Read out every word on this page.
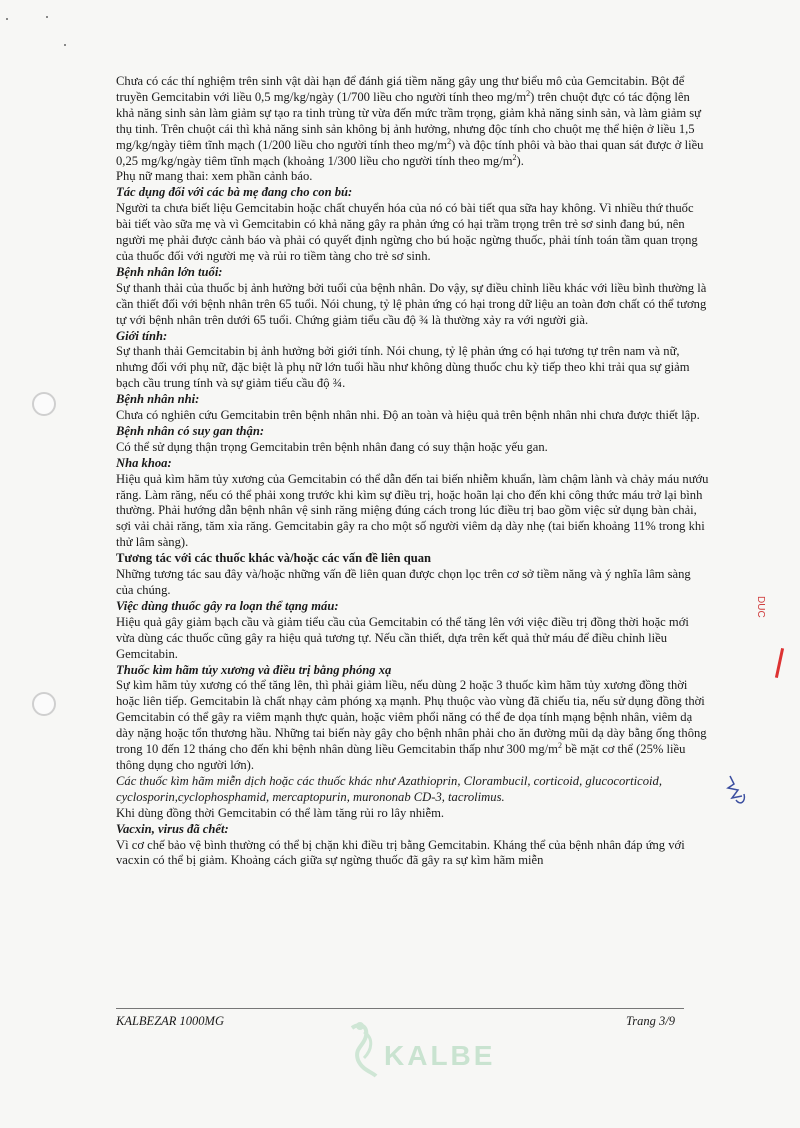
Chưa có các thí nghiệm trên sinh vật dài hạn để đánh giá tiềm năng gây ung thư biểu mô của Gemcitabin. Bột để truyền Gemcitabin với liều 0,5 mg/kg/ngày (1/700 liều cho người tính theo $mg/m^2$) trên chuột đực có tác động lên khả năng sinh sản làm giảm sự tạo ra tinh trùng từ vừa đến mức trầm trọng, giảm khả năng sinh sản, và làm giảm sự thụ tinh. Trên chuột cái thì khả năng sinh sản không bị ảnh hưởng, nhưng độc tính cho chuột mẹ thể hiện ở liều 1,5 mg/kg/ngày tiêm tĩnh mạch (1/200 liều cho người tính theo $mg/m^2$) và độc tính phôi và bào thai quan sát được ở liều 0,25 mg/kg/ngày tiêm tĩnh mạch (khoảng 1/300 liều cho người tính theo $mg/m^2$).

Phụ nữ mang thai: xem phần cảnh báo.

Tác dụng đối với các bà mẹ đang cho con bú:

Người ta chưa biết liệu Gemcitabin hoặc chất chuyển hóa của nó có bài tiết qua sữa hay không. Vì nhiều thứ thuốc bài tiết vào sữa mẹ và vì Gemcitabin có khả năng gây ra phản ứng có hại trầm trọng trên trẻ sơ sinh đang bú, nên người mẹ phải được cảnh báo và phải có quyết định ngừng cho bú hoặc ngừng thuốc, phải tính toán tầm quan trọng của thuốc đối với người mẹ và rủi ro tiềm tàng cho trẻ sơ sinh.

Bệnh nhân lớn tuổi:

Sự thanh thải của thuốc bị ảnh hưởng bởi tuổi của bệnh nhân. Do vậy, sự điều chỉnh liều khác với liều bình thường là cần thiết đối với bệnh nhân trên 65 tuổi. Nói chung, tỷ lệ phản ứng có hại trong dữ liệu an toàn đơn chất có thể tương tự với bệnh nhân trên dưới 65 tuổi. Chứng giảm tiểu cầu độ ¾ là thường xảy ra với người già.

Giới tính:

Sự thanh thải Gemcitabin bị ảnh hưởng bởi giới tính. Nói chung, tỷ lệ phản ứng có hại tương tự trên nam và nữ, nhưng đối với phụ nữ, đặc biệt là phụ nữ lớn tuổi hầu như không dùng thuốc chu kỳ tiếp theo khi trải qua sự giảm bạch cầu trung tính và sự giảm tiểu cầu độ ¾.

Bệnh nhân nhi:

Chưa có nghiên cứu Gemcitabin trên bệnh nhân nhi. Độ an toàn và hiệu quả trên bệnh nhân nhi chưa được thiết lập.

Bệnh nhân có suy gan thận:

Có thể sử dụng thận trọng Gemcitabin trên bệnh nhân đang có suy thận hoặc yếu gan.

Nha khoa:

Hiệu quả kìm hãm tủy xương của Gemcitabin có thể dẫn đến tai biến nhiễm khuẩn, làm chậm lành và chảy máu nướu răng. Làm răng, nếu có thể phải xong trước khi kìm sự điều trị, hoặc hoãn lại cho đến khi công thức máu trở lại bình thường. Phải hướng dẫn bệnh nhân vệ sinh răng miệng đúng cách trong lúc điều trị bao gồm việc sử dụng bàn chải, sợi vải chải răng, tăm xỉa răng. Gemcitabin gây ra cho một số người viêm dạ dày nhẹ (tai biến khoảng 11% trong khi thử lâm sàng).

Tương tác với các thuốc khác và/hoặc các vấn đề liên quan

Những tương tác sau đây và/hoặc những vấn đề liên quan được chọn lọc trên cơ sở tiềm năng và ý nghĩa lâm sàng của chúng.

Việc dùng thuốc gây ra loạn thể tạng máu:

Hiệu quả gây giảm bạch cầu và giảm tiểu cầu của Gemcitabin có thể tăng lên với việc điều trị đồng thời hoặc mới vừa dùng các thuốc cũng gây ra hiệu quả tương tự. Nếu cần thiết, dựa trên kết quả thử máu để điều chỉnh liều Gemcitabin.

Thuốc kìm hãm tủy xương và điều trị bằng phóng xạ

Sự kìm hãm tủy xương có thể tăng lên, thì phải giảm liều, nếu dùng 2 hoặc 3 thuốc kìm hãm tủy xương đồng thời hoặc liên tiếp. Gemcitabin là chất nhạy cảm phóng xạ mạnh. Phụ thuộc vào vùng đã chiếu tia, nếu sử dụng đồng thời Gemcitabin có thể gây ra viêm mạnh thực quản, hoặc viêm phổi năng có thể đe dọa tính mạng bệnh nhân, viêm dạ dày nặng hoặc tổn thương hầu. Những tai biến này gây cho bệnh nhân phải cho ăn đường mũi dạ dày bằng ống thông trong 10 đến 12 tháng cho đến khi bệnh nhân dùng liều Gemcitabin thấp như 300 $mg/m^2$ bề mặt cơ thể (25% liều thông dụng cho người lớn).

Các thuốc kìm hãm miễn dịch hoặc các thuốc khác như Azathioprin, Clorambucil, corticoid, glucocorticoid, cyclosporin,cyclophosphamid, mercaptopurin, murononab CD-3, tacrolimus.

Khi dùng đồng thời Gemcitabin có thể làm tăng rủi ro lây nhiễm.

Vacxin, virus đã chết:

Vì cơ chế bảo vệ bình thường có thể bị chặn khi điều trị bằng Gemcitabin. Kháng thể của bệnh nhân đáp ứng với vacxin có thể bị giảm. Khoảng cách giữa sự ngừng thuốc đã gây ra sự kìm hãm miễn

KALBEZAR 1000MG	Trang 3/9
KALBE
DUC
